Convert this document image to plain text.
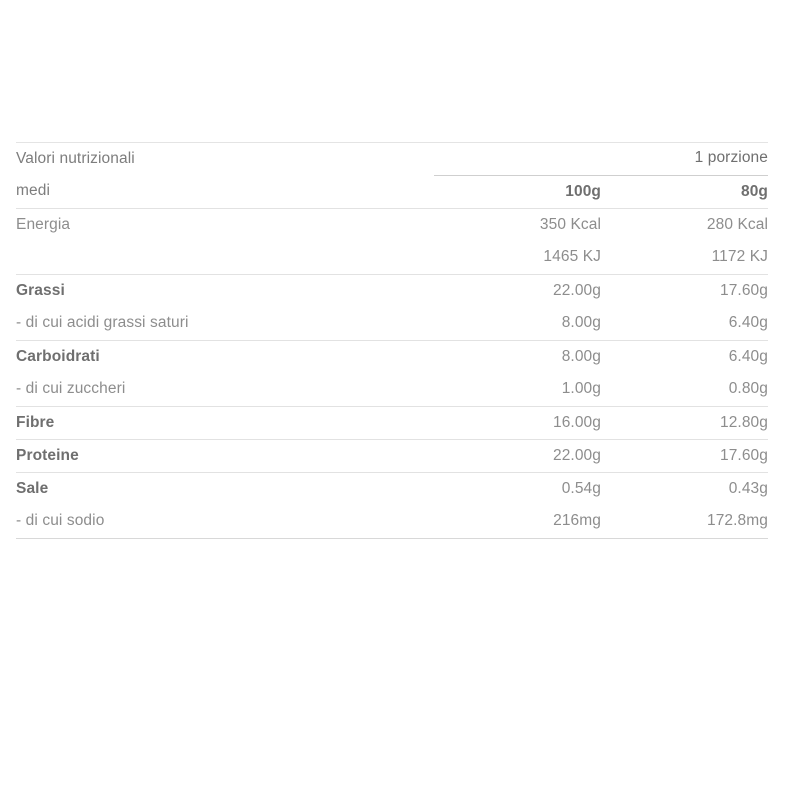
Valori nutrizionali		1 porzione
medi	100g	80g
Energia	350 Kcal	280 Kcal
	1465 KJ	1172 KJ
Grassi	22.00g	17.60g
- di cui acidi grassi saturi	8.00g	6.40g
Carboidrati	8.00g	6.40g
- di cui zuccheri	1.00g	0.80g
Fibre	16.00g	12.80g
Proteine	22.00g	17.60g
Sale	0.54g	0.43g
- di cui sodio	216mg	172.8mg
